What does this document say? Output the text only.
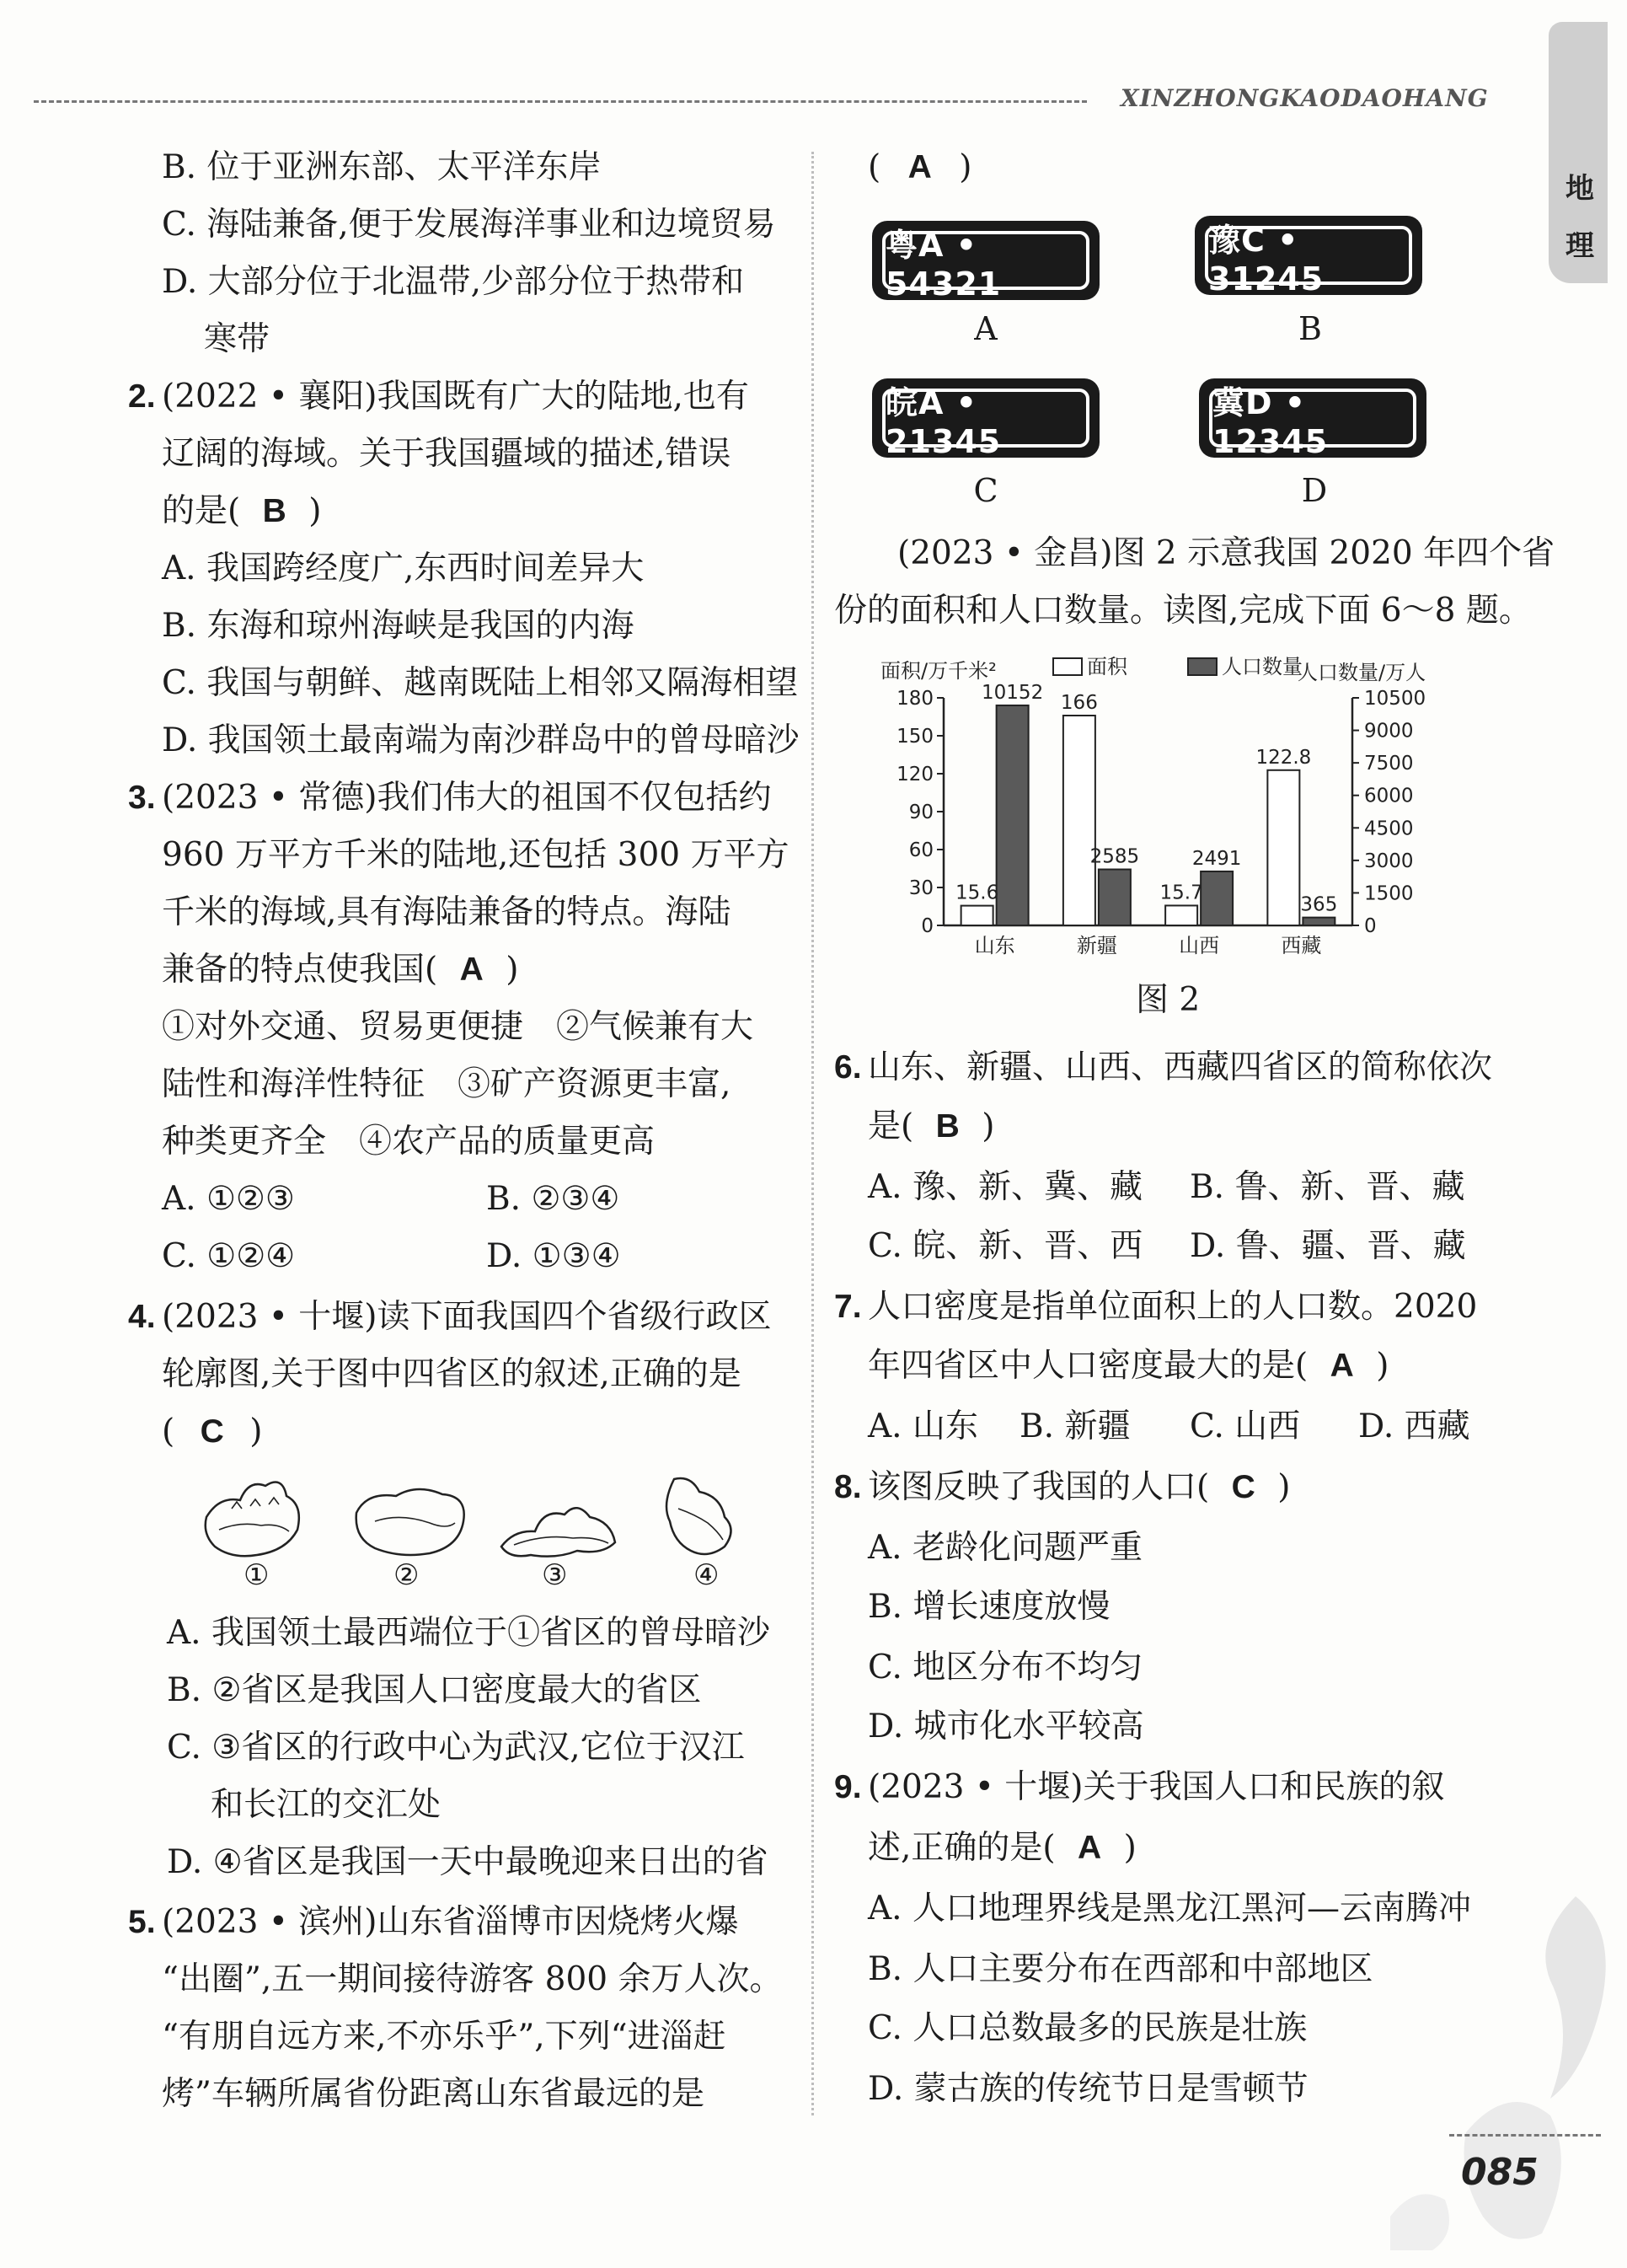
XINZHONGKAODAOHANG
地
理
B. 位于亚洲东部、太平洋东岸
C. 海陆兼备,便于发展海洋事业和边境贸易
D. 大部分位于北温带,少部分位于热带和
寒带
2. (2022 • 襄阳)我国既有广大的陆地,也有
辽阔的海域。关于我国疆域的描述,错误
的是( B )
A. 我国跨经度广,东西时间差异大
B. 东海和琼州海峡是我国的内海
C. 我国与朝鲜、越南既陆上相邻又隔海相望
D. 我国领土最南端为南沙群岛中的曾母暗沙
3. (2023 • 常德)我们伟大的祖国不仅包括约
960 万平方千米的陆地,还包括 300 万平方
千米的海域,具有海陆兼备的特点。海陆
兼备的特点使我国( A )
①对外交通、贸易更便捷　②气候兼有大
陆性和海洋性特征　③矿产资源更丰富,
种类更齐全　④农产品的质量更高
A. ①②③	B. ②③④
C. ①②④	D. ①③④
4. (2023 • 十堰)读下面我国四个省级行政区
轮廓图,关于图中四省区的叙述,正确的是
( C )
①	②	③	④
A. 我国领土最西端位于①省区的曾母暗沙
B. ②省区是我国人口密度最大的省区
C. ③省区的行政中心为武汉,它位于汉江
和长江的交汇处
D. ④省区是我国一天中最晚迎来日出的省
5. (2023 • 滨州)山东省淄博市因烧烤火爆
“出圈”,五一期间接待游客 800 余万人次。
“有朋自远方来,不亦乐乎”,下列“进淄赶
烤”车辆所属省份距离山东省最远的是
( A )
粤A • 54321
A
豫C • 31245
B
皖A • 21345
C
冀D • 12345
D
(2023 • 金昌)图 2 示意我国 2020 年四个省
份的面积和人口数量。读图,完成下面 6～8 题。
面积/万千米²	人口数量/万人
面积	人口数量
0
30
60
90
120
150
180
0
1500
3000
4500
6000
7500
9000
10500
15.6
10152
山东
166
2585
新疆
15.7
2491
山西
122.8
365
西藏
图 2
6. 山东、新疆、山西、西藏四省区的简称依次
是( B )
A. 豫、新、冀、藏 B. 鲁、新、晋、藏
C. 皖、新、晋、西 D. 鲁、疆、晋、藏
7. 人口密度是指单位面积上的人口数。2020
年四省区中人口密度最大的是( A )
A. 山东 B. 新疆 C. 山西 D. 西藏
8. 该图反映了我国的人口( C )
A. 老龄化问题严重
B. 增长速度放慢
C. 地区分布不均匀
D. 城市化水平较高
9. (2023 • 十堰)关于我国人口和民族的叙
述,正确的是( A )
A. 人口地理界线是黑龙江黑河—云南腾冲
B. 人口主要分布在西部和中部地区
C. 人口总数最多的民族是壮族
D. 蒙古族的传统节日是雪顿节
085
